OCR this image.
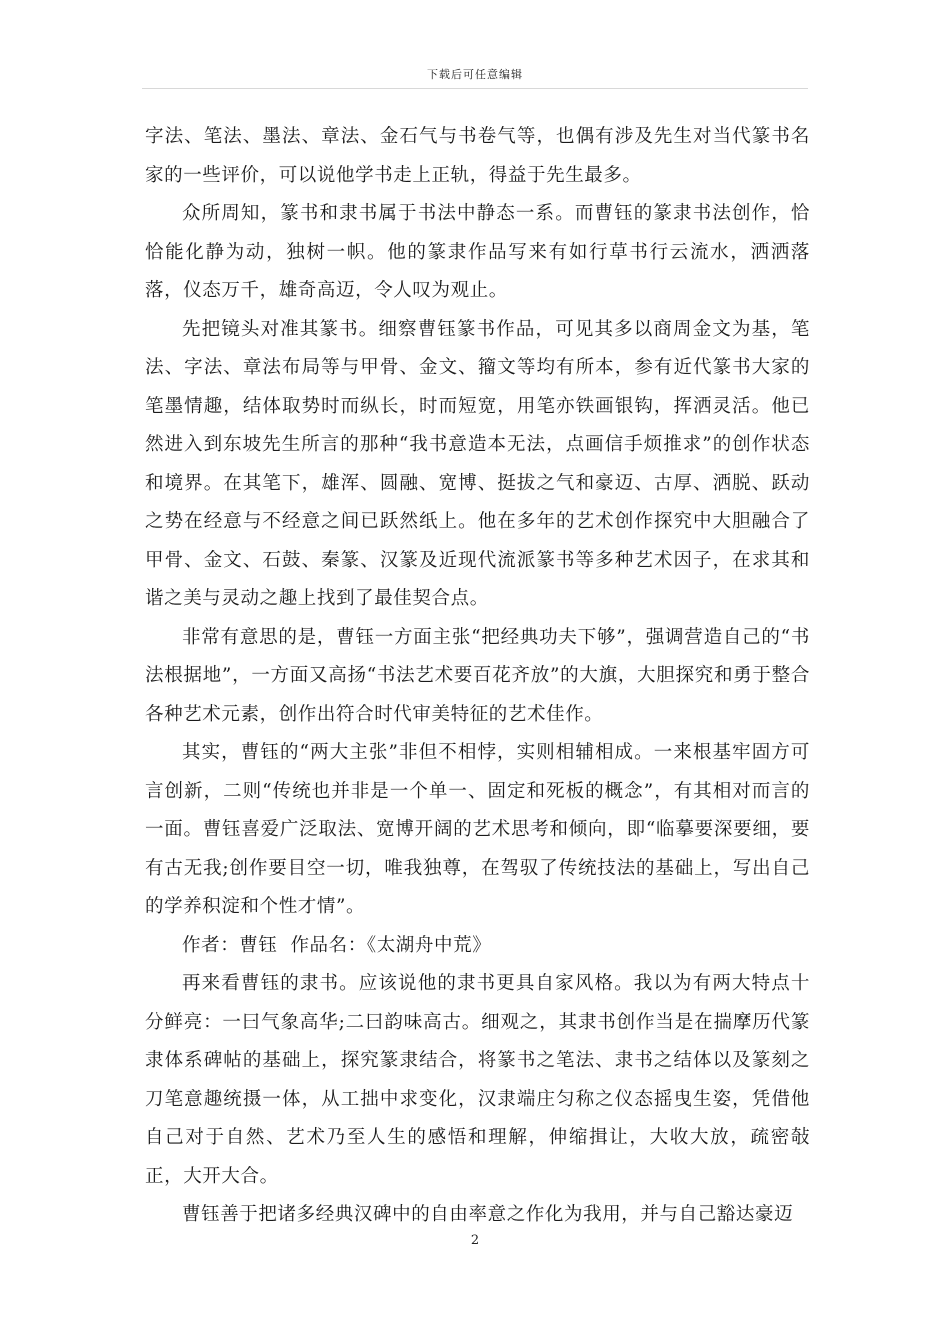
下载后可任意编辑

字法、笔法、墨法、章法、金石气与书卷气等，也偶有涉及先生对当代篆书名家的一些评价，可以说他学书走上正轨，得益于先生最多。

众所周知，篆书和隶书属于书法中静态一系。而曹钰的篆隶书法创作，恰恰能化静为动，独树一帜。他的篆隶作品写来有如行草书行云流水，洒洒落落，仪态万千，雄奇高迈，令人叹为观止。

先把镜头对准其篆书。细察曹钰篆书作品，可见其多以商周金文为基，笔法、字法、章法布局等与甲骨、金文、籀文等均有所本，参有近代篆书大家的笔墨情趣，结体取势时而纵长，时而短宽，用笔亦铁画银钩，挥洒灵活。他已然进入到东坡先生所言的那种“我书意造本无法，点画信手烦推求”的创作状态和境界。在其笔下，雄浑、圆融、宽博、挺拔之气和豪迈、古厚、洒脱、跃动之势在经意与不经意之间已跃然纸上。他在多年的艺术创作探究中大胆融合了甲骨、金文、石鼓、秦篆、汉篆及近现代流派篆书等多种艺术因子，在求其和谐之美与灵动之趣上找到了最佳契合点。

非常有意思的是，曹钰一方面主张“把经典功夫下够”，强调营造自己的“书法根据地”，一方面又高扬“书法艺术要百花齐放”的大旗，大胆探究和勇于整合各种艺术元素，创作出符合时代审美特征的艺术佳作。

其实，曹钰的“两大主张”非但不相悖，实则相辅相成。一来根基牢固方可言创新，二则“传统也并非是一个单一、固定和死板的概念”，有其相对而言的一面。曹钰喜爱广泛取法、宽博开阔的艺术思考和倾向，即“临摹要深要细，要有古无我;创作要目空一切，唯我独尊，在驾驭了传统技法的基础上，写出自己的学养积淀和个性才情”。

作者：曹钰  作品名：《太湖舟中荒》

再来看曹钰的隶书。应该说他的隶书更具自家风格。我以为有两大特点十分鲜亮：一曰气象高华;二曰韵味高古。细观之，其隶书创作当是在揣摩历代篆隶体系碑帖的基础上，探究篆隶结合，将篆书之笔法、隶书之结体以及篆刻之刀笔意趣统摄一体，从工拙中求变化，汉隶端庄匀称之仪态摇曳生姿，凭借他自己对于自然、艺术乃至人生的感悟和理解，伸缩揖让，大收大放，疏密敧正，大开大合。

曹钰善于把诸多经典汉碑中的自由率意之作化为我用，并与自己豁达豪迈

2
